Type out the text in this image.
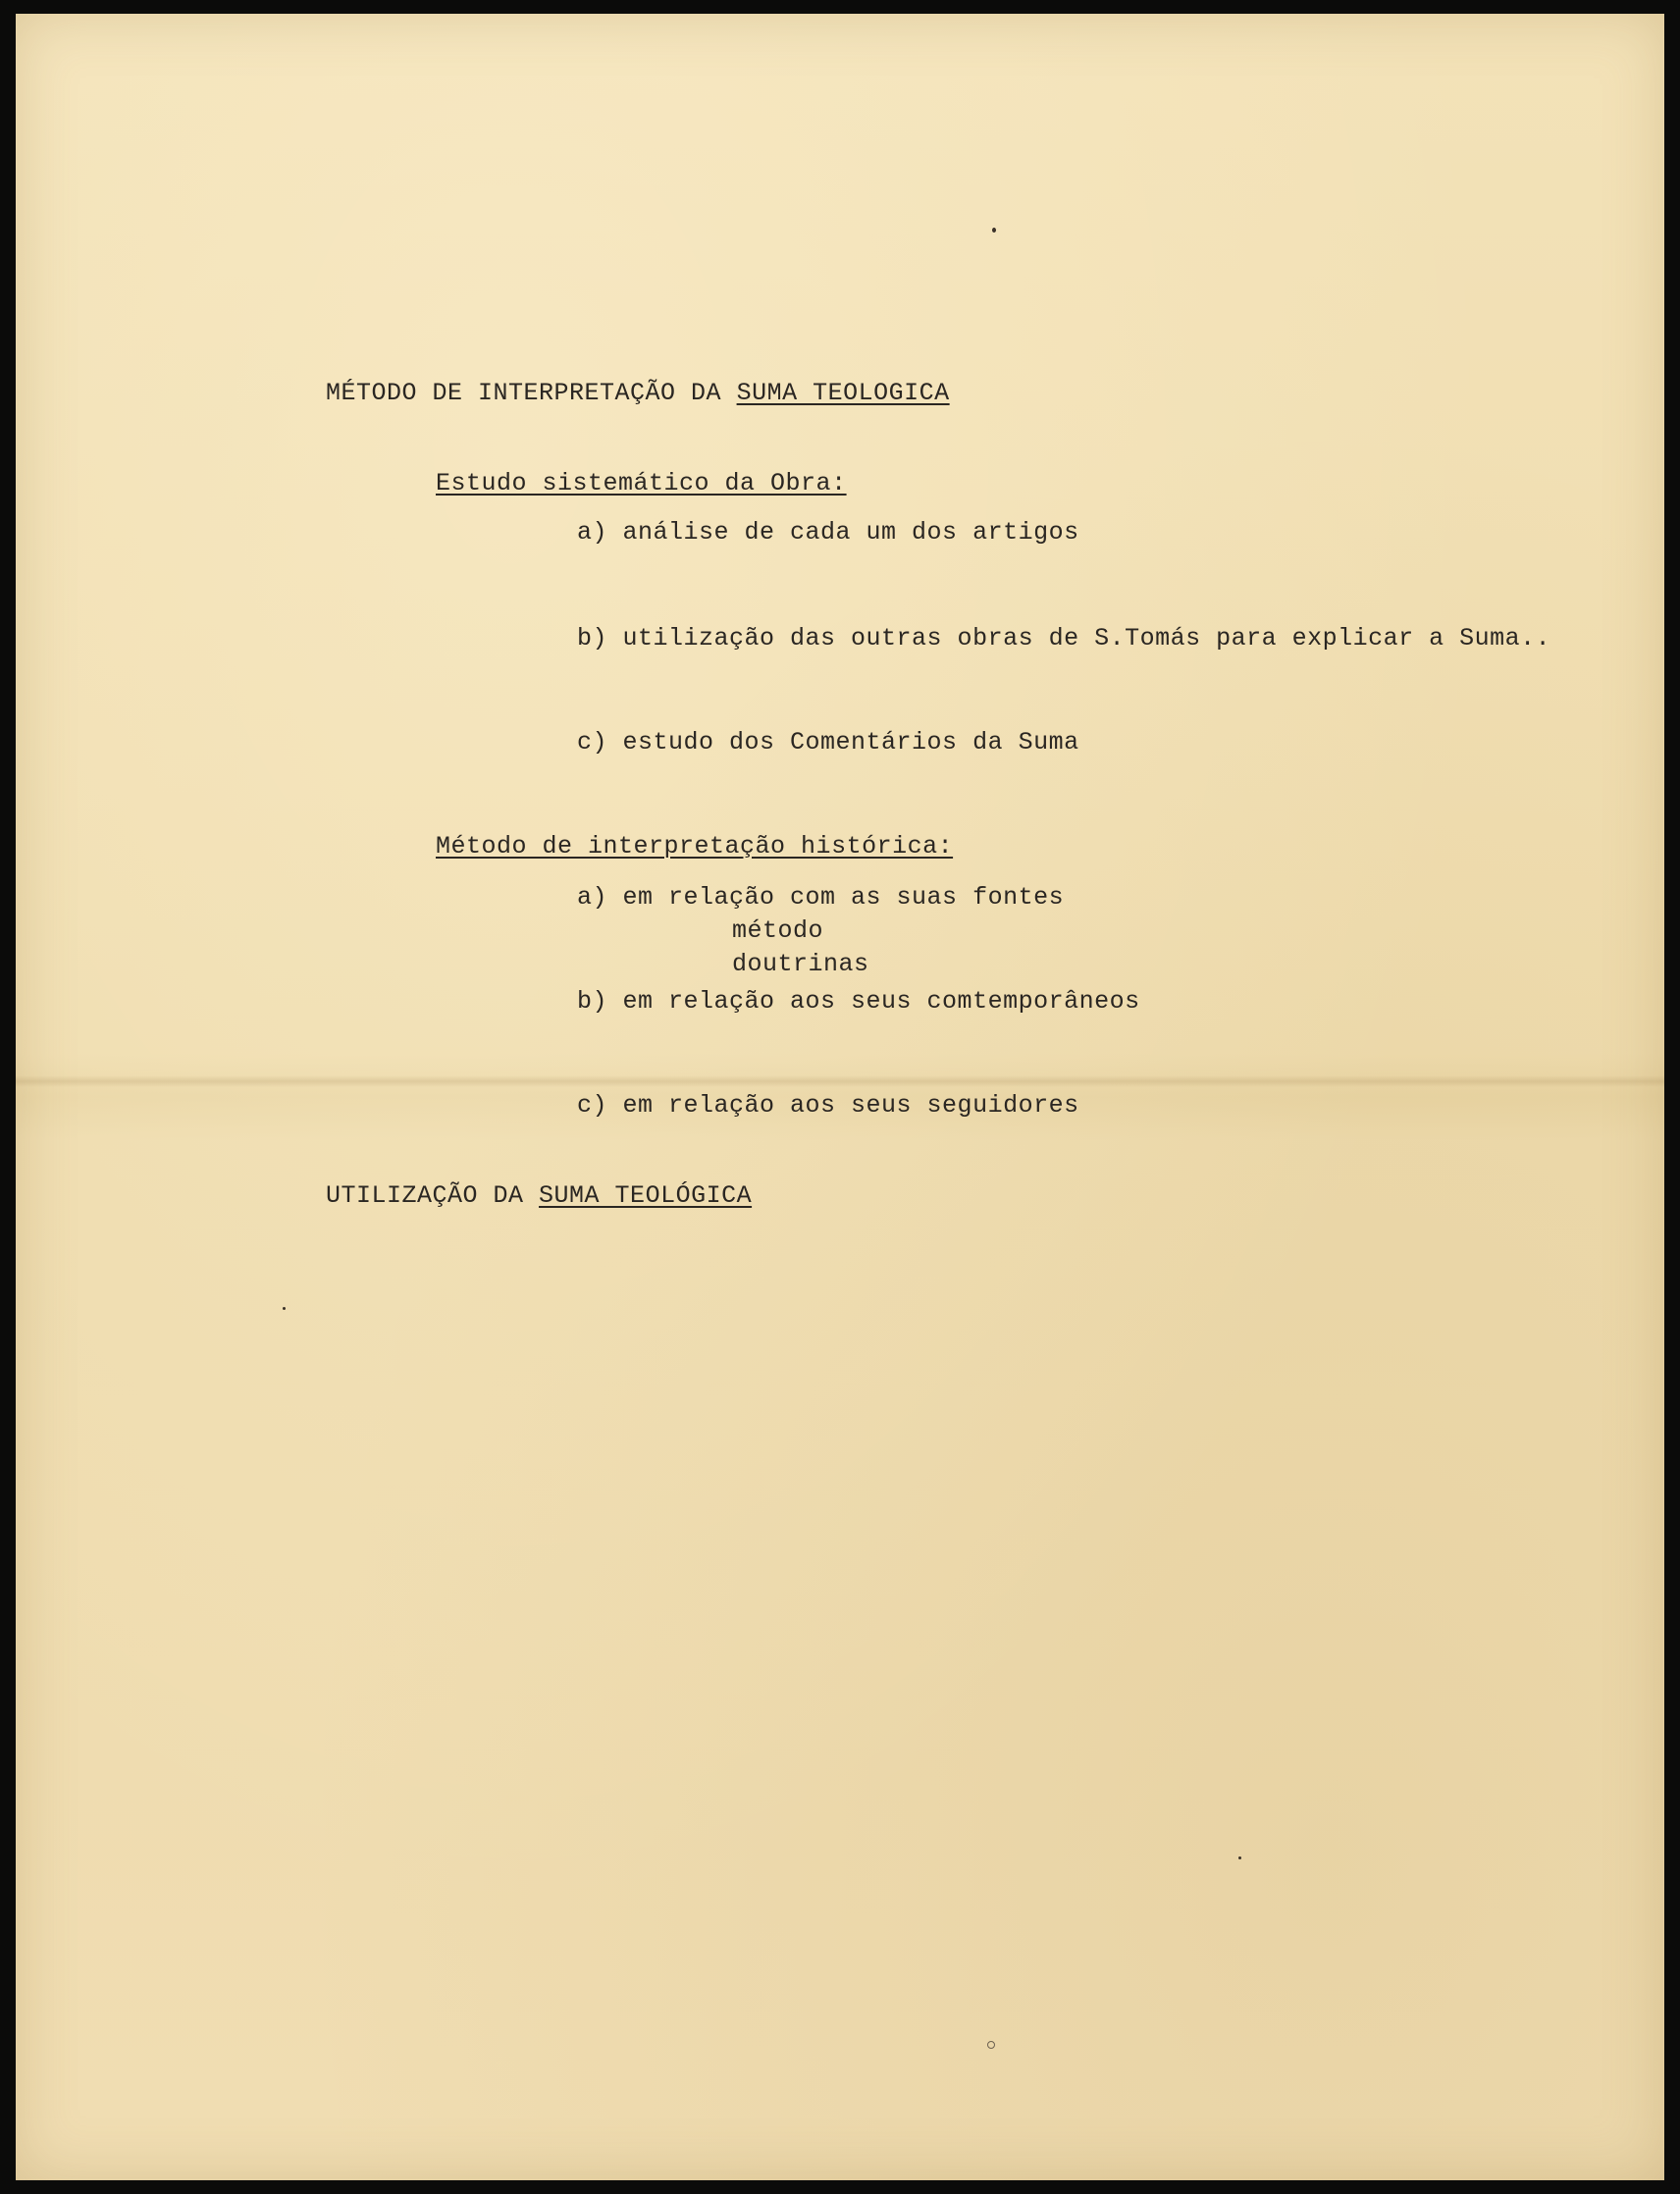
MÉTODO DE INTERPRETAÇÃO DA SUMA TEOLOGICA
Estudo sistemático da Obra:
a) análise de cada um dos artigos
b) utilização das outras obras de S.Tomás para explicar a Suma..
c) estudo dos Comentários da Suma
Método de interpretação histórica:
a) em relação com as suas fontes
método
doutrinas
b) em relação aos seus comtemporâneos
c) em relação aos seus seguidores
UTILIZAÇÃO DA SUMA TEOLÓGICA
